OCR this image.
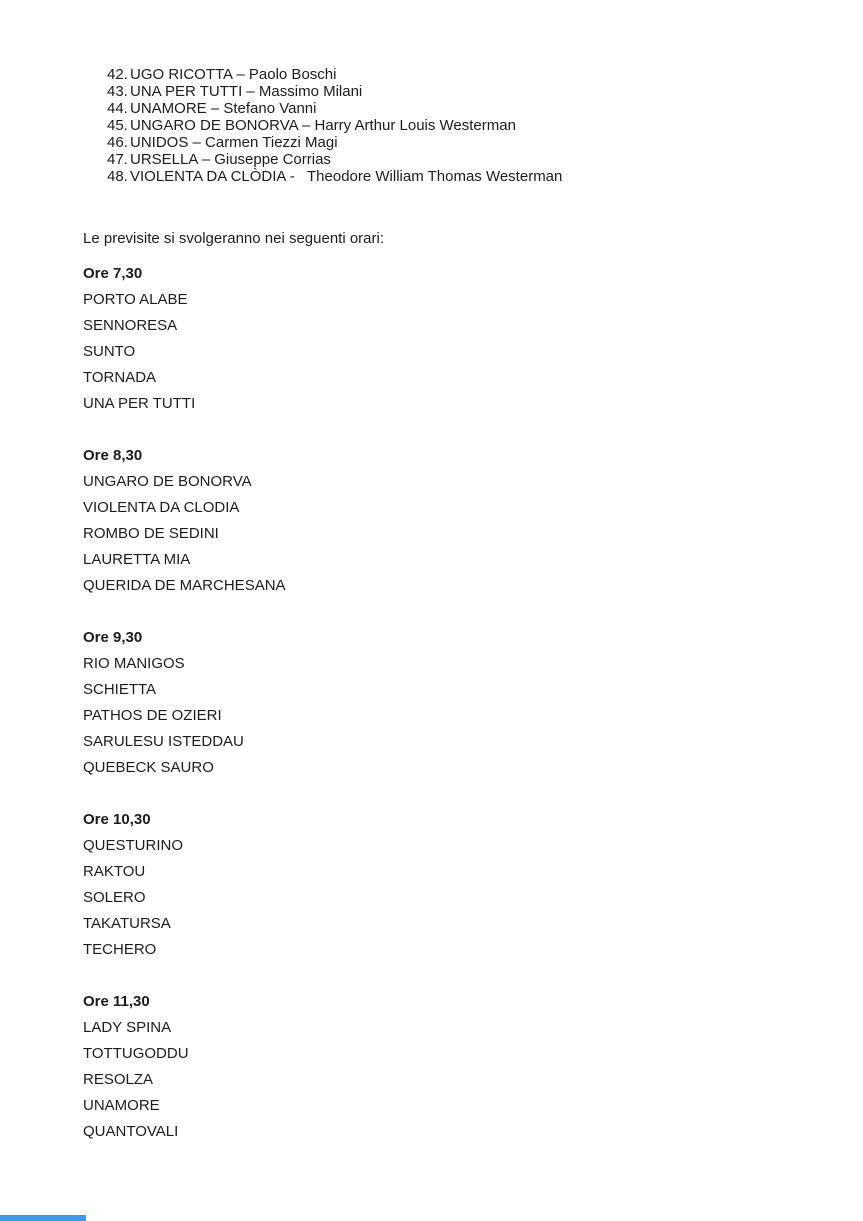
42. UGO RICOTTA – Paolo Boschi
43. UNA PER TUTTI – Massimo Milani
44. UNAMORE – Stefano Vanni
45. UNGARO DE BONORVA – Harry Arthur Louis Westerman
46. UNIDOS – Carmen Tiezzi Magi
47. URSELLA – Giuseppe Corrias
48. VIOLENTA DA CLÒDIA -   Theodore William Thomas Westerman
Le previsite si svolgeranno nei seguenti orari:
Ore 7,30
PORTO ALABE
SENNORESA
SUNTO
TORNADA
UNA PER TUTTI
Ore 8,30
UNGARO DE BONORVA
VIOLENTA DA CLODIA
ROMBO DE SEDINI
LAURETTA MIA
QUERIDA DE MARCHESANA
Ore 9,30
RIO MANIGOS
SCHIETTA
PATHOS DE OZIERI
SARULESU ISTEDDAU
QUEBECK SAURO
Ore 10,30
QUESTURINO
RAKTOU
SOLERO
TAKATURSA
TECHERO
Ore 11,30
LADY SPINA
TOTTUGODDU
RESOLZA
UNAMORE
QUANTOVALI
